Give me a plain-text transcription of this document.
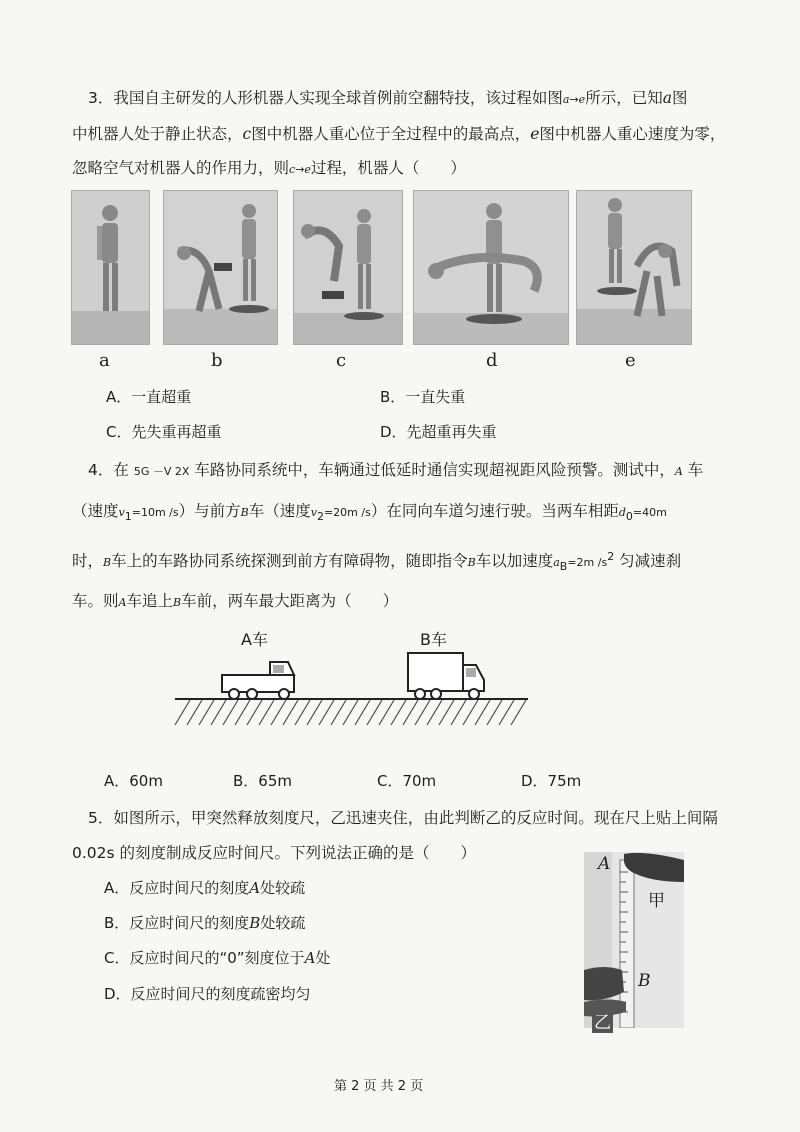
3．我国自主研发的人形机器人实现全球首例前空翻特技，该过程如图a→e所示，已知a图
中机器人处于静止状态，c图中机器人重心位于全过程中的最高点，e图中机器人重心速度为零，
忽略空气对机器人的作用力，则c→e过程，机器人（　　）
a	b	c	d	e
A．一直超重	B．一直失重
C．先失重再超重	D．先超重再失重
4．在 5G －V 2X 车路协同系统中，车辆通过低延时通信实现超视距风险预警。测试中，A 车
（速度$v_1=10m$ /s）与前方B车（速度$v_2=20m$ /s）在同向车道匀速行驶。当两车相距$d_0=40m$
时，B车上的车路协同系统探测到前方有障碍物，随即指令B车以加速度$a_B=2m$ $/s^2$ 匀减速刹
车。则A车追上B车前，两车最大距离为（　　）
A车	B车
A．60m	B．65m	C．70m	D．75m
5．如图所示，甲突然释放刻度尺，乙迅速夹住，由此判断乙的反应时间。现在尺上贴上间隔
0.02s 的刻度制成反应时间尺。下列说法正确的是（　　）
A．反应时间尺的刻度A处较疏
B．反应时间尺的刻度B处较疏
C．反应时间尺的“0”刻度位于A处
D．反应时间尺的刻度疏密均匀
A
甲
B
乙
第 2 页 共 2 页
